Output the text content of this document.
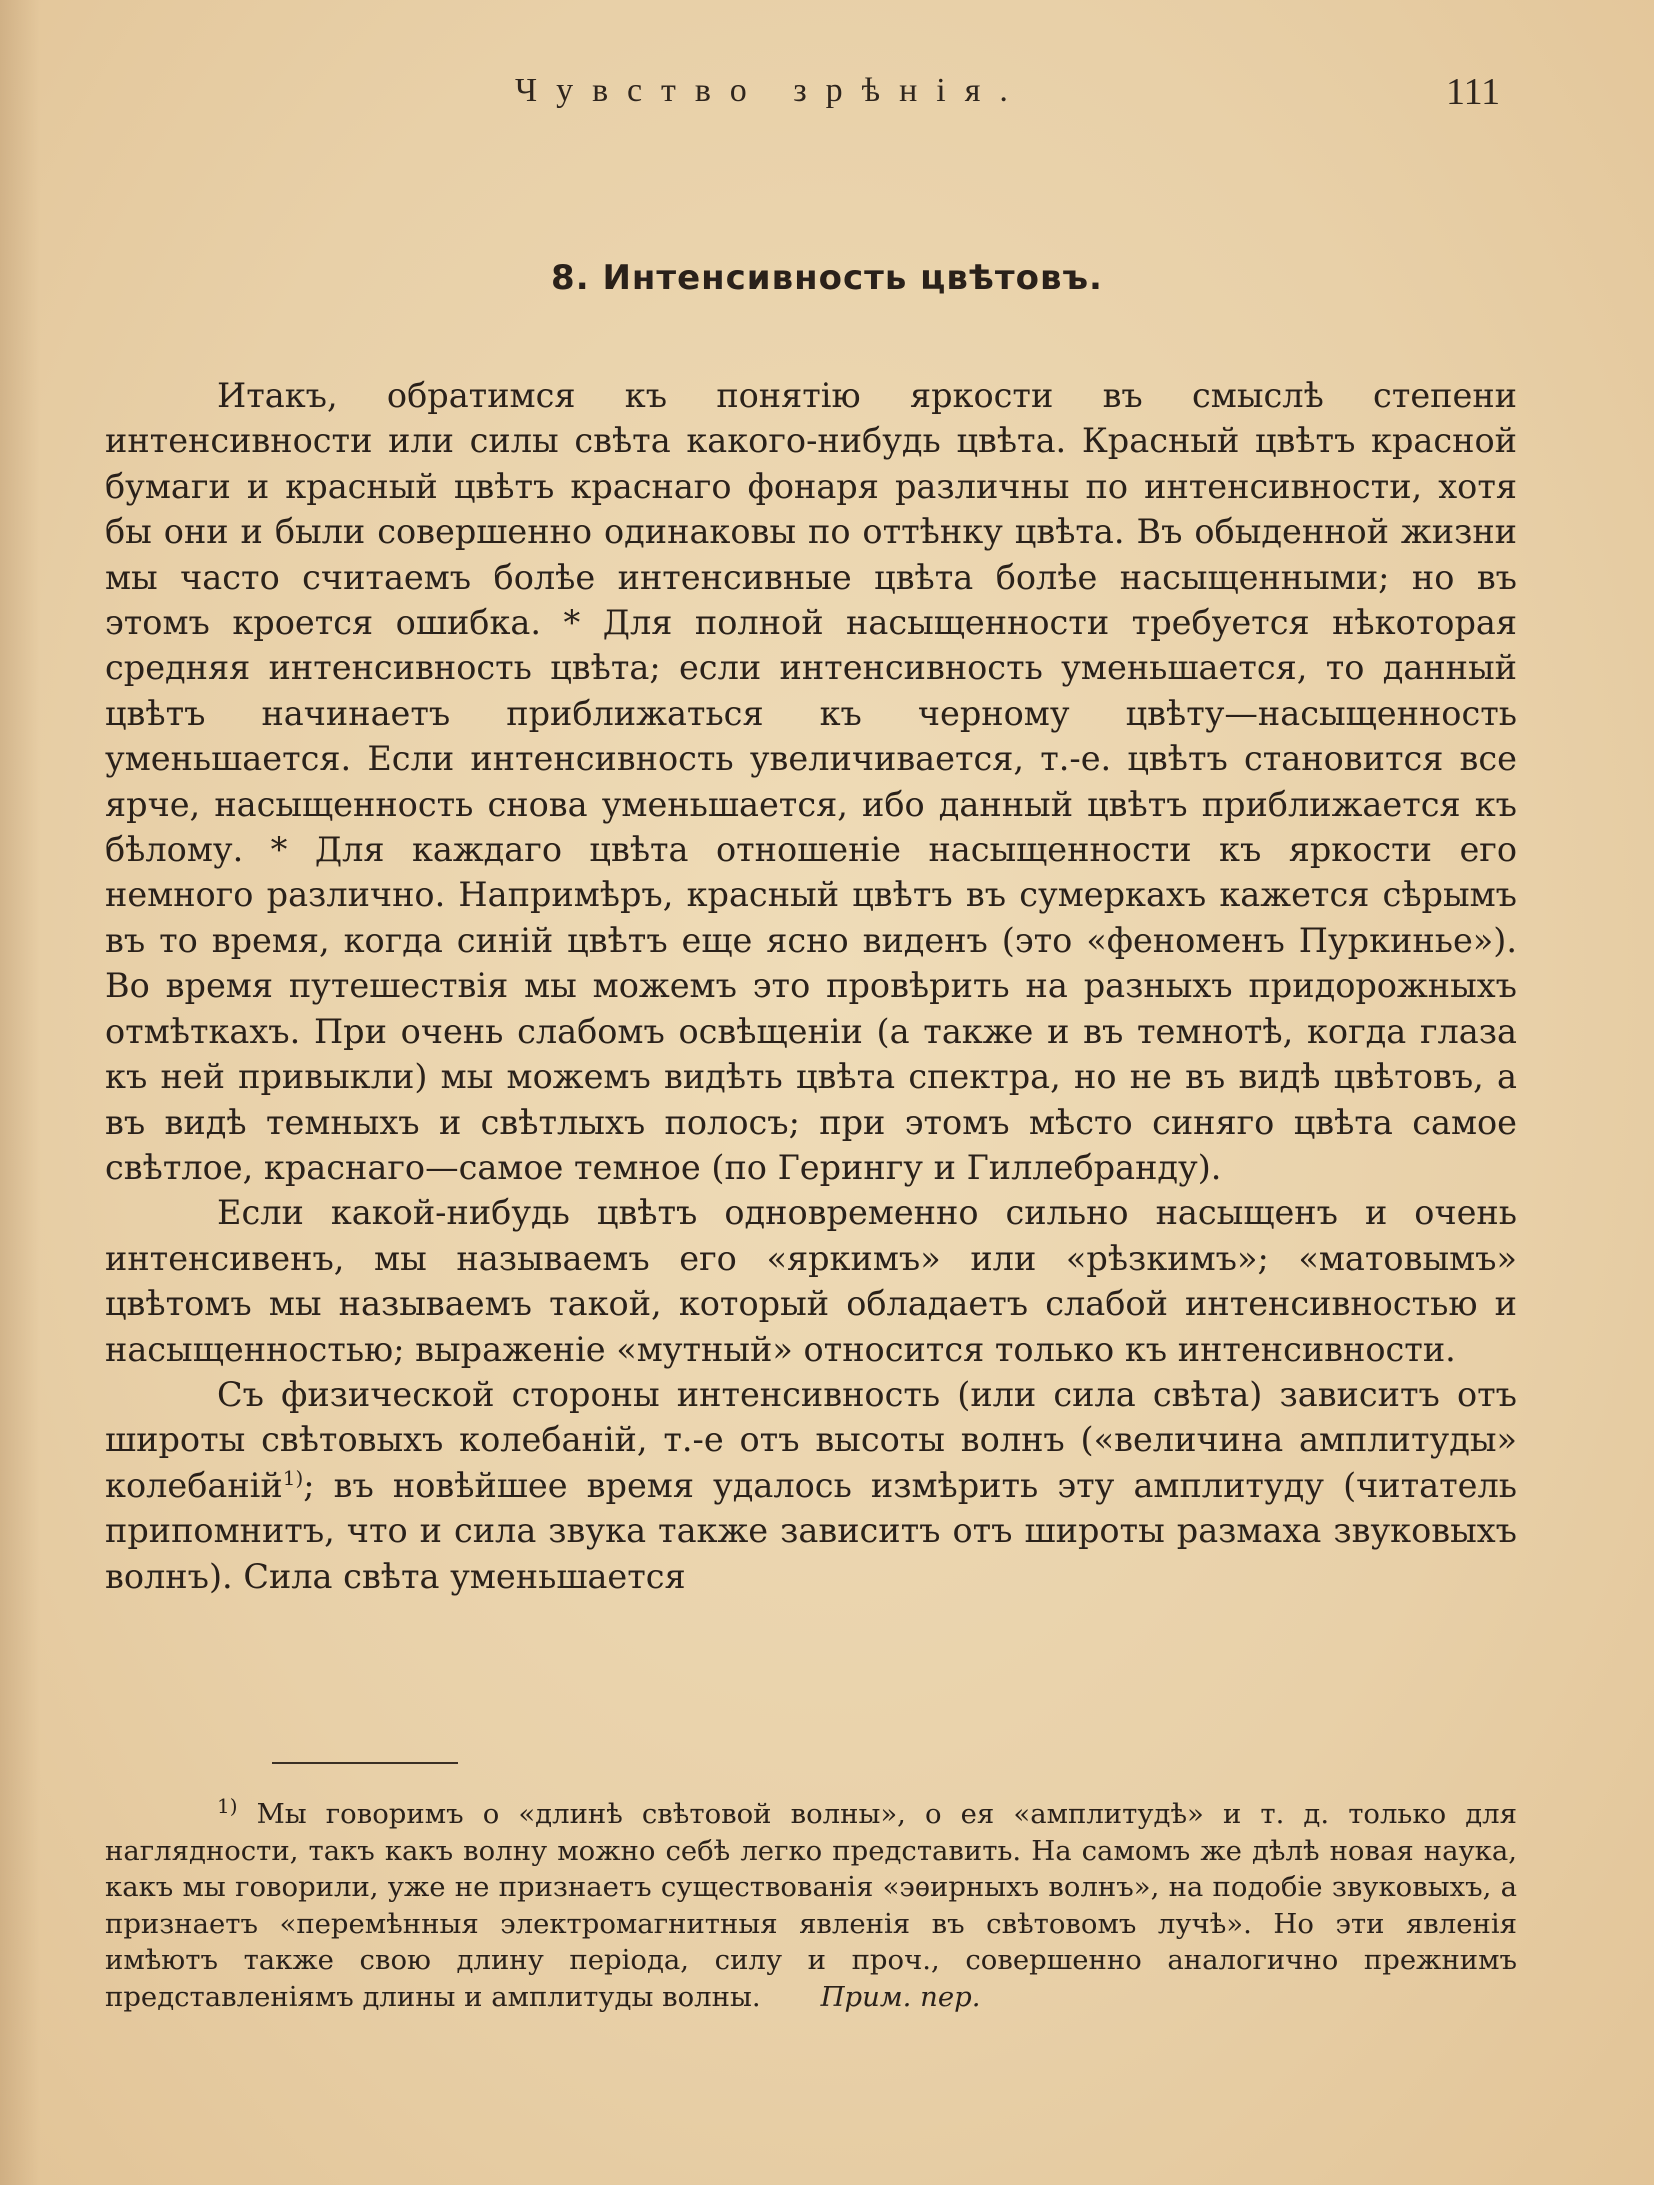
Чувство зрѣнія.	111
8. Интенсивность цвѣтовъ.

Итакъ, обратимся къ понятію яркости въ смыслѣ степени интенсивности или силы свѣта какого-нибудь цвѣта. Красный цвѣтъ красной бумаги и красный цвѣтъ краснаго фонаря различны по интенсивности, хотя бы они и были совершенно одинаковы по оттѣнку цвѣта. Въ обыденной жизни мы часто считаемъ болѣе интенсивные цвѣта болѣе насыщенными; но въ этомъ кроется ошибка. * Для полной насыщенности требуется нѣкоторая средняя интенсивность цвѣта; если интенсивность уменьшается, то данный цвѣтъ начинаетъ приближаться къ черному цвѣту—насыщенность уменьшается. Если интенсивность увеличивается, т.-е. цвѣтъ становится все ярче, насыщенность снова уменьшается, ибо данный цвѣтъ приближается къ бѣлому. * Для каждаго цвѣта отношеніе насыщенности къ яркости его немного различно. Напримѣръ, красный цвѣтъ въ сумеркахъ кажется сѣрымъ въ то время, когда синій цвѣтъ еще ясно виденъ (это «феноменъ Пуркинье»). Во время путешествія мы можемъ это провѣрить на разныхъ придорожныхъ отмѣткахъ. При очень слабомъ освѣщеніи (а также и въ темнотѣ, когда глаза къ ней привыкли) мы можемъ видѣть цвѣта спектра, но не въ видѣ цвѣтовъ, а въ видѣ темныхъ и свѣтлыхъ полосъ; при этомъ мѣсто синяго цвѣта самое свѣтлое, краснаго—самое темное (по Герингу и Гиллебранду).

Если какой-нибудь цвѣтъ одновременно сильно насыщенъ и очень интенсивенъ, мы называемъ его «яркимъ» или «рѣзкимъ»; «матовымъ» цвѣтомъ мы называемъ такой, который обладаетъ слабой интенсивностью и насыщенностью; выраженіе «мутный» относится только къ интенсивности.

Съ физической стороны интенсивность (или сила свѣта) зависитъ отъ широты свѣтовыхъ колебаній, т.-е отъ высоты волнъ («величина амплитуды» колебаній$^{1)}$; въ новѣйшее время удалось измѣрить эту амплитуду (читатель припомнитъ, что и сила звука также зависитъ отъ широты размаха звуковыхъ волнъ). Сила свѣта уменьшается

$^{1)}$ Мы говоримъ о «длинѣ свѣтовой волны», о ея «амплитудѣ» и т. д. только для наглядности, такъ какъ волну можно себѣ легко представить. На самомъ же дѣлѣ новая наука, какъ мы говорили, уже не признаетъ существованія «эѳирныхъ волнъ», на подобіе звуковыхъ, а признаетъ «перемѣнныя электромагнитныя явленія въ свѣтовомъ лучѣ». Но эти явленія имѣютъ также свою длину періода, силу и проч., совершенно аналогично прежнимъ представленіямъ длины и амплитуды волны. Прим. пер.
